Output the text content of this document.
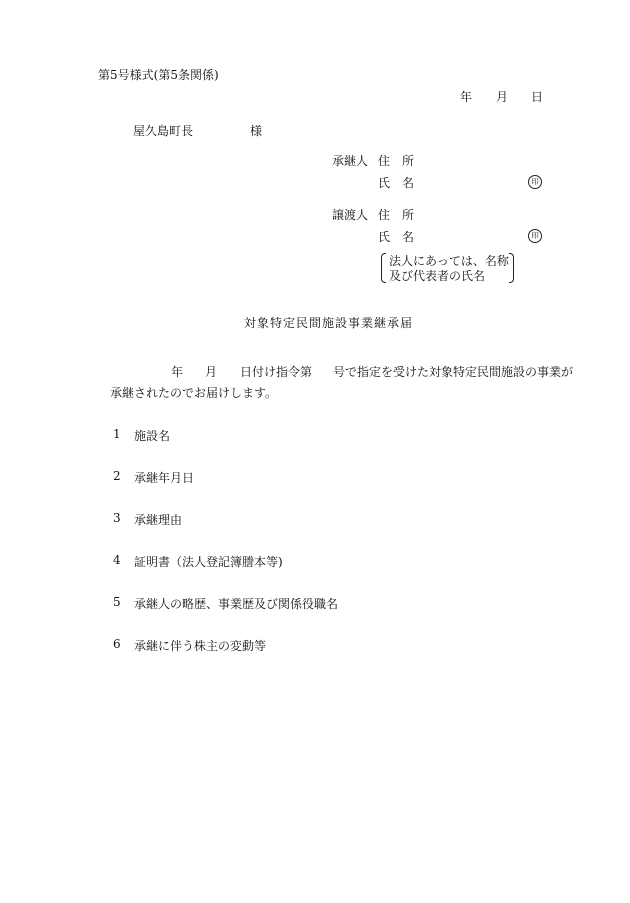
第5号様式(第5条関係)
年 月 日
屋久島町長	様
承継人 住　所
氏　名	印
譲渡人 住　所
氏　名	印
法人にあっては、名称
及び代表者の氏名
対象特定民間施設事業継承届
年 月 日付け指令第 号で指定を受けた対象特定民間施設の事業が
承継されたのでお届けします。
1 施設名
2 承継年月日
3 承継理由
4 証明書（法人登記簿謄本等)
5 承継人の略歴、事業歴及び関係役職名
6 承継に伴う株主の変動等
